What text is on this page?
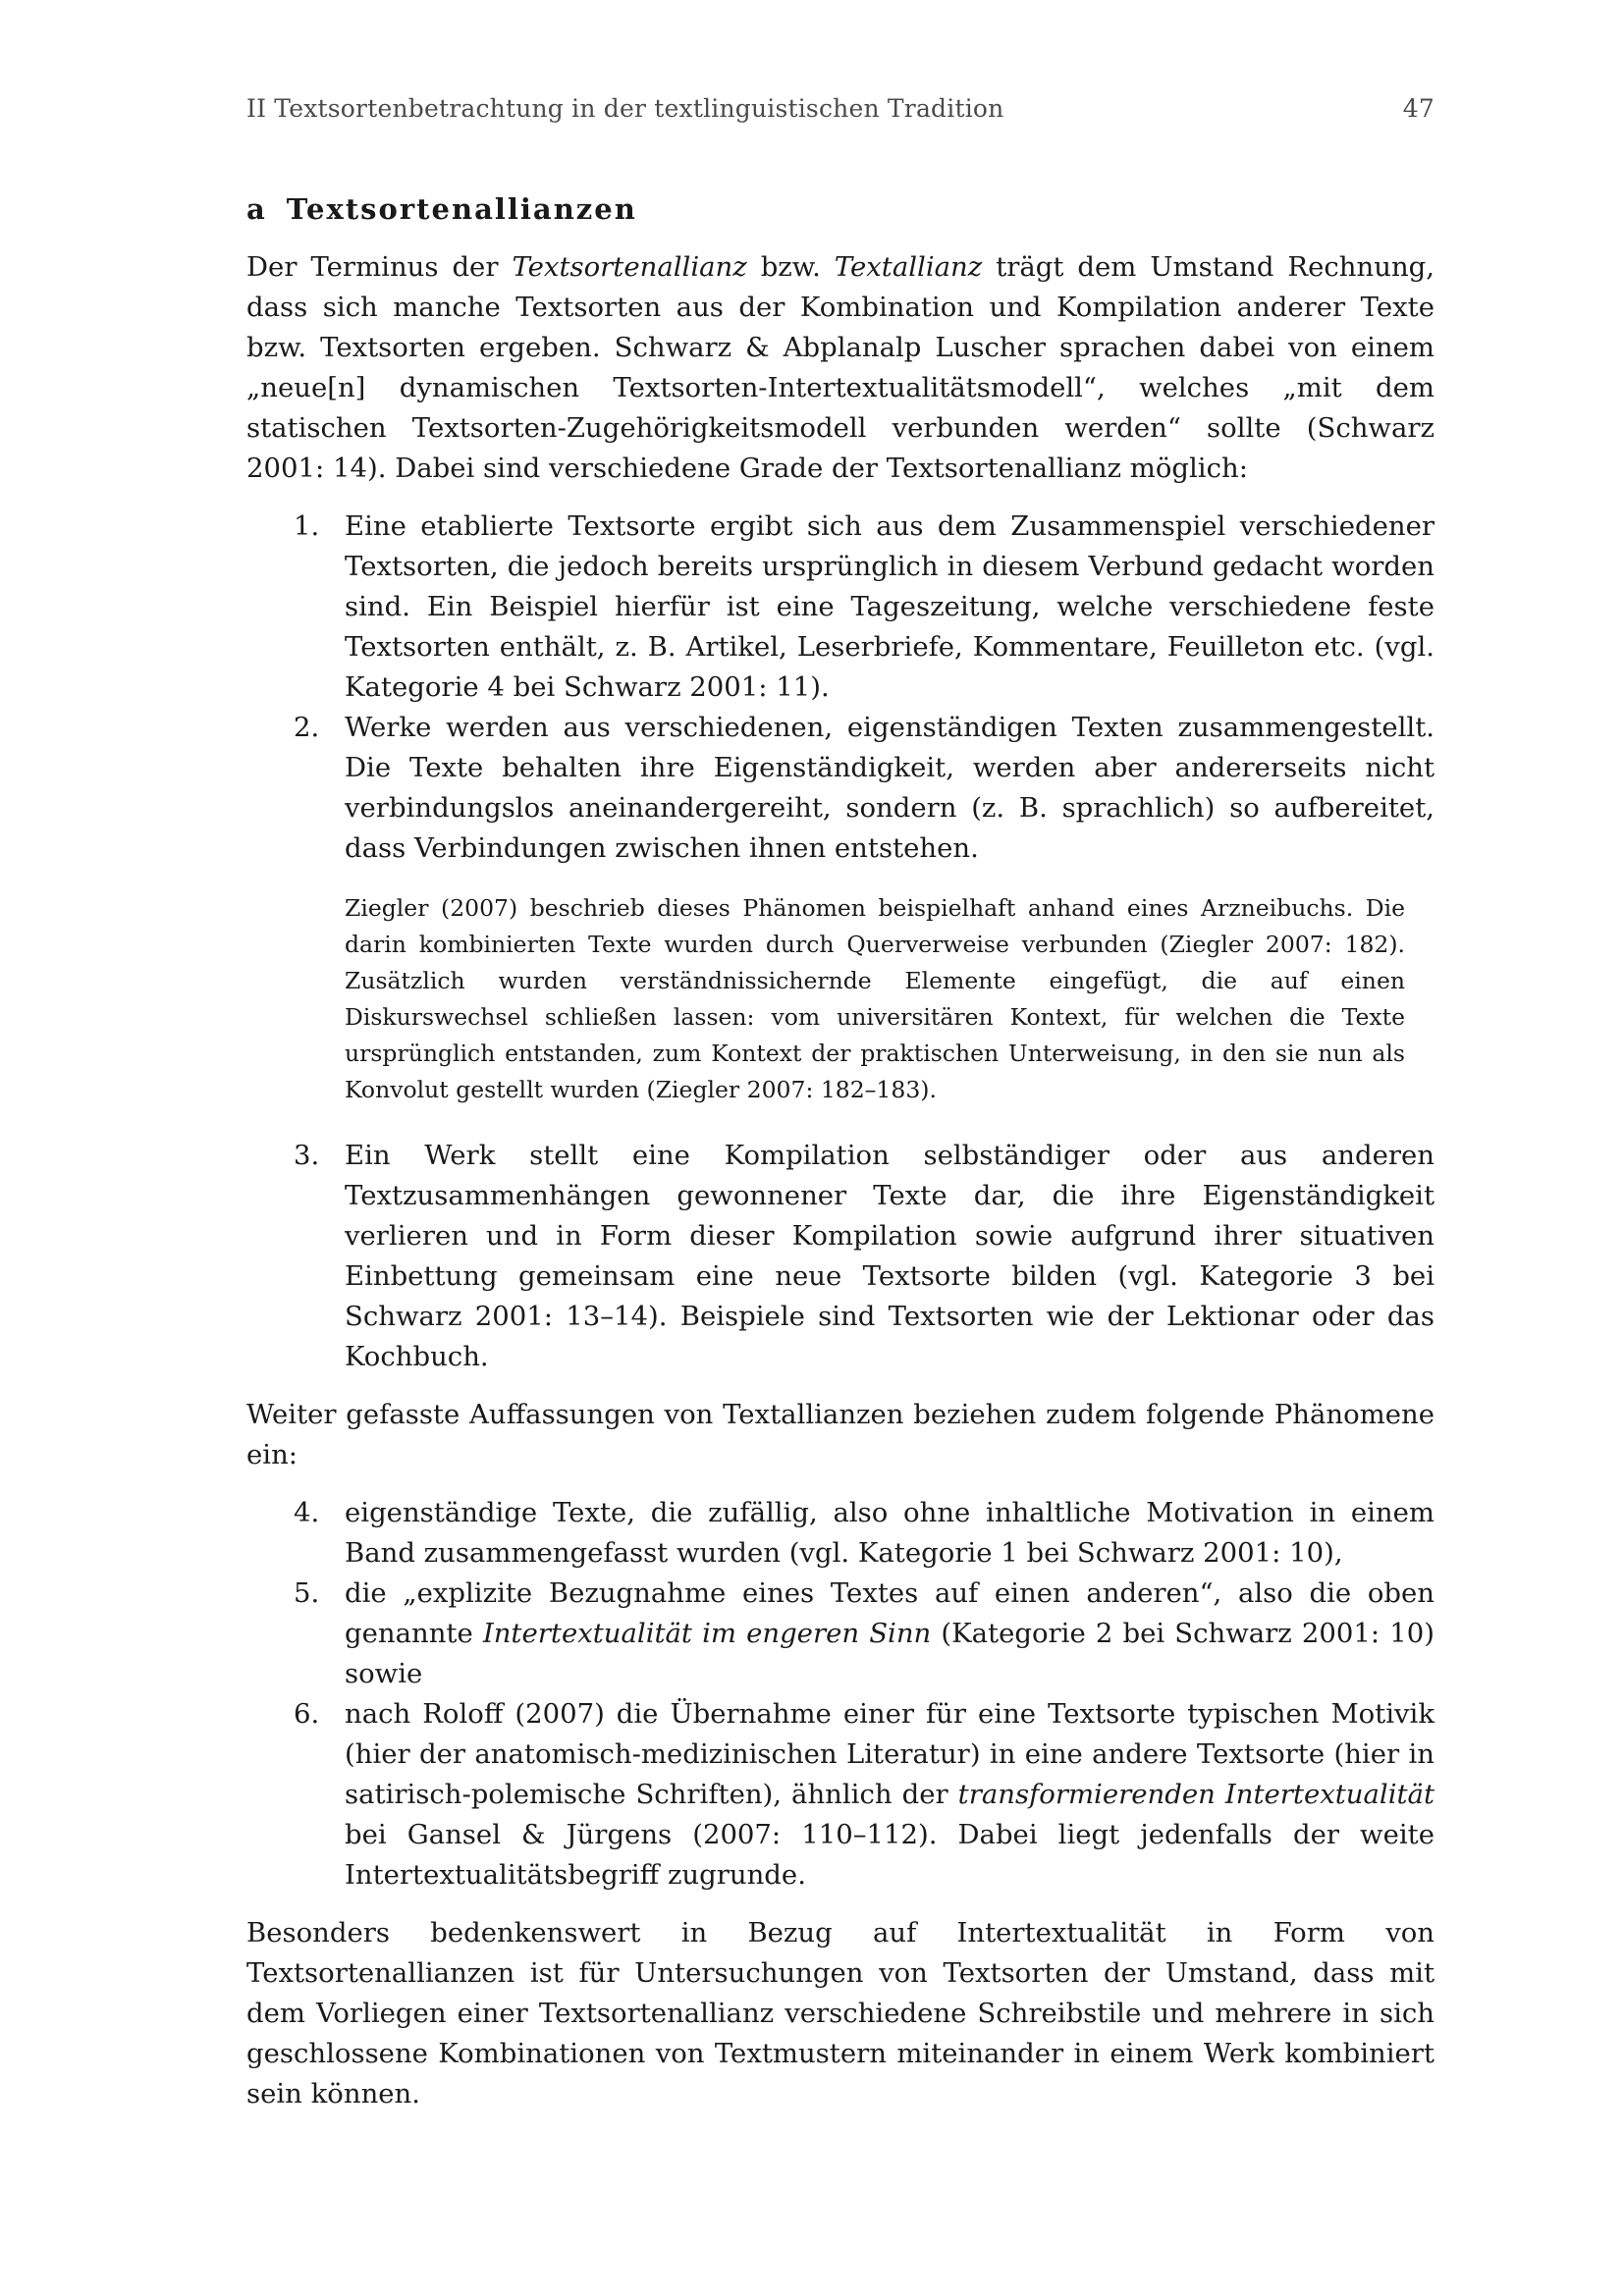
II Textsortenbetrachtung in der textlinguistischen Tradition	47
a Textsortenallianzen

Der Terminus der Textsortenallianz bzw. Textallianz trägt dem Umstand Rechnung, dass sich manche Textsorten aus der Kombination und Kompilation anderer Texte bzw. Textsorten ergeben. Schwarz & Abplanalp Luscher sprachen dabei von einem „neue[n] dynamischen Textsorten-Intertextualitätsmodell“, welches „mit dem statischen Textsorten-Zugehörigkeitsmodell verbunden werden“ sollte (Schwarz 2001: 14). Dabei sind verschiedene Grade der Textsortenallianz möglich:

1. Eine etablierte Textsorte ergibt sich aus dem Zusammenspiel verschiedener Textsorten, die jedoch bereits ursprünglich in diesem Verbund gedacht worden sind. Ein Beispiel hierfür ist eine Tageszeitung, welche verschiedene feste Textsorten enthält, z. B. Artikel, Leserbriefe, Kommentare, Feuilleton etc. (vgl. Kategorie 4 bei Schwarz 2001: 11).
2. Werke werden aus verschiedenen, eigenständigen Texten zusammengestellt. Die Texte behalten ihre Eigenständigkeit, werden aber andererseits nicht verbindungslos aneinandergereiht, sondern (z. B. sprachlich) so aufbereitet, dass Verbindungen zwischen ihnen entstehen.
Ziegler (2007) beschrieb dieses Phänomen beispielhaft anhand eines Arzneibuchs. Die darin kombinierten Texte wurden durch Querverweise verbunden (Ziegler 2007: 182). Zusätzlich wurden verständnissichernde Elemente eingefügt, die auf einen Diskurswechsel schließen lassen: vom universitären Kontext, für welchen die Texte ursprünglich entstanden, zum Kontext der praktischen Unterweisung, in den sie nun als Konvolut gestellt wurden (Ziegler 2007: 182–183).
3. Ein Werk stellt eine Kompilation selbständiger oder aus anderen Textzusammenhängen gewonnener Texte dar, die ihre Eigenständigkeit verlieren und in Form dieser Kompilation sowie aufgrund ihrer situativen Einbettung gemeinsam eine neue Textsorte bilden (vgl. Kategorie 3 bei Schwarz 2001: 13–14). Beispiele sind Textsorten wie der Lektionar oder das Kochbuch.

Weiter gefasste Auffassungen von Textallianzen beziehen zudem folgende Phänomene ein:

4. eigenständige Texte, die zufällig, also ohne inhaltliche Motivation in einem Band zusammengefasst wurden (vgl. Kategorie 1 bei Schwarz 2001: 10),
5. die „explizite Bezugnahme eines Textes auf einen anderen“, also die oben genannte Intertextualität im engeren Sinn (Kategorie 2 bei Schwarz 2001: 10) sowie
6. nach Roloff (2007) die Übernahme einer für eine Textsorte typischen Motivik (hier der anatomisch-medizinischen Literatur) in eine andere Textsorte (hier in satirisch-polemische Schriften), ähnlich der transformierenden Intertextualität bei Gansel & Jürgens (2007: 110–112). Dabei liegt jedenfalls der weite Intertextualitätsbegriff zugrunde.

Besonders bedenkenswert in Bezug auf Intertextualität in Form von Textsortenallianzen ist für Untersuchungen von Textsorten der Umstand, dass mit dem Vorliegen einer Textsortenallianz verschiedene Schreibstile und mehrere in sich geschlossene Kombinationen von Textmustern miteinander in einem Werk kombiniert sein können.
